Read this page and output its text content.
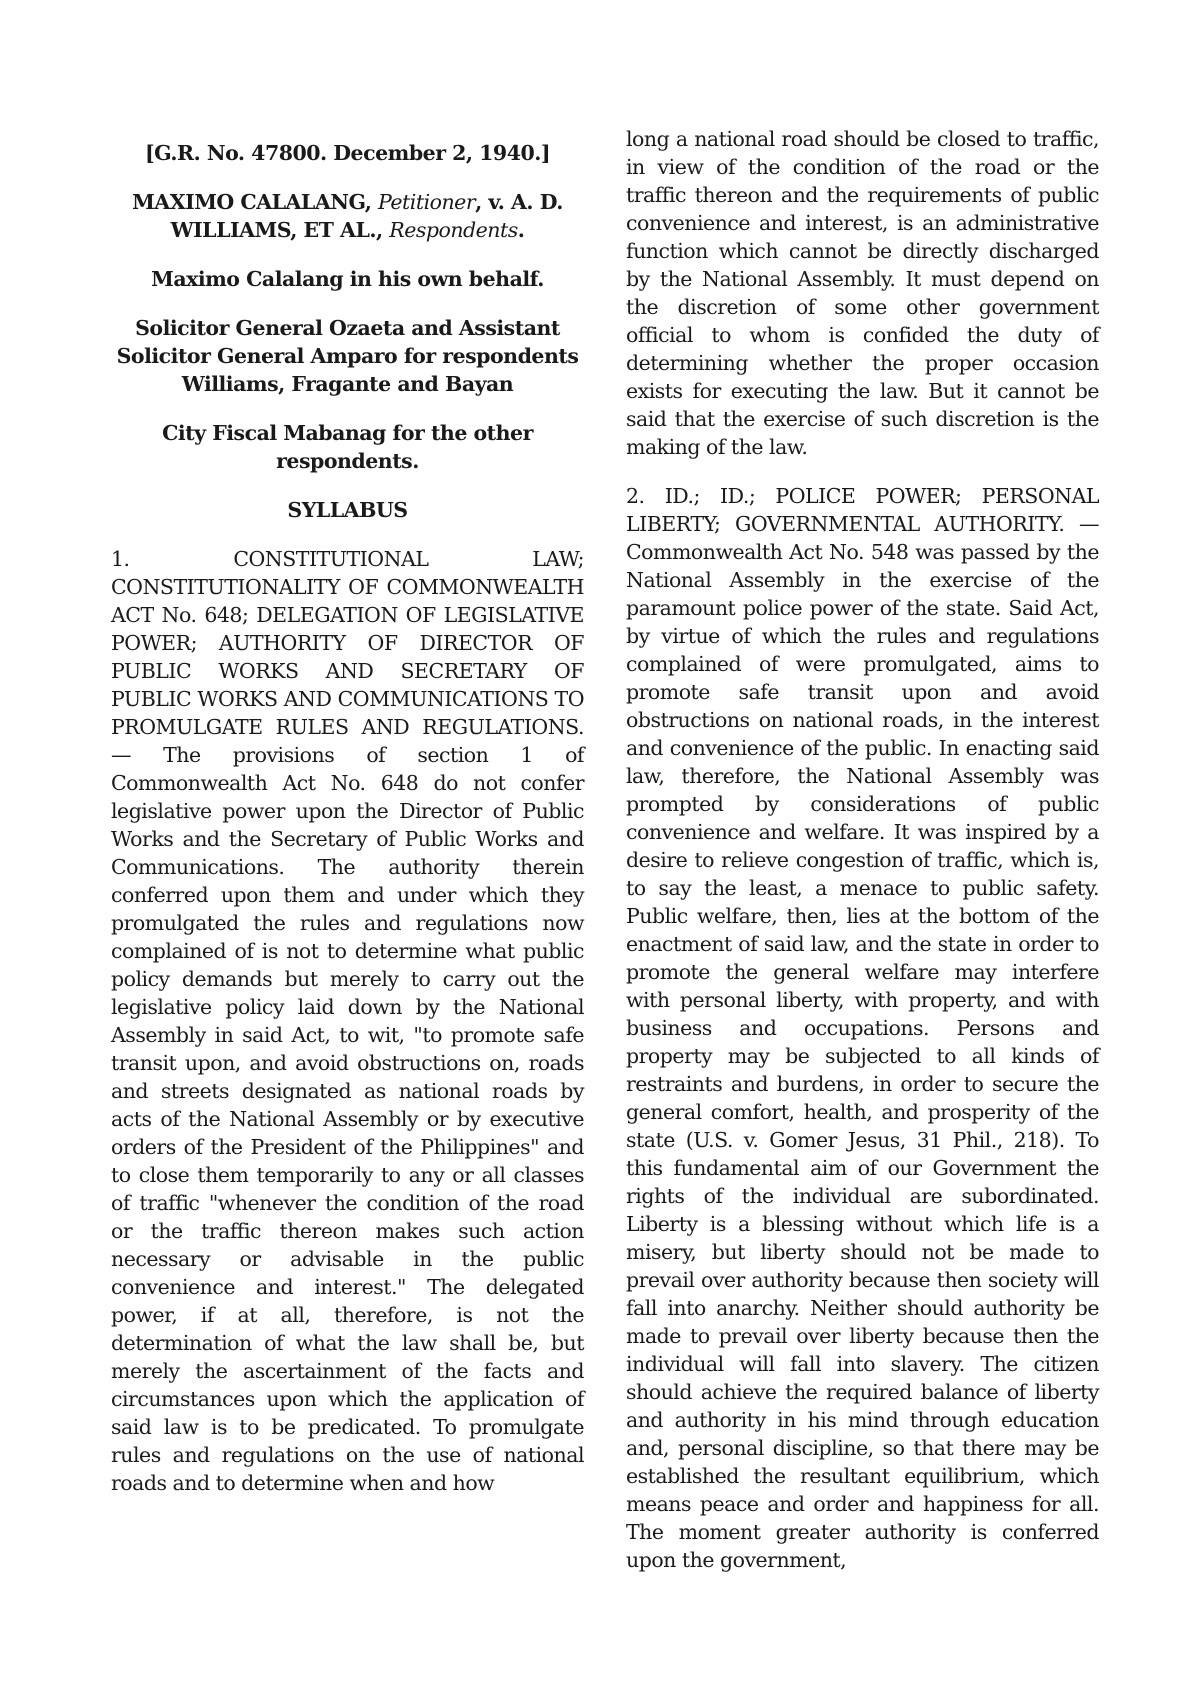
[G.R. No. 47800. December 2, 1940.]

MAXIMO CALALANG, Petitioner, v. A. D. WILLIAMS, ET AL., Respondents.

Maximo Calalang in his own behalf.

Solicitor General Ozaeta and Assistant Solicitor General Amparo for respondents Williams, Fragante and Bayan

City Fiscal Mabanag for the other respondents.

SYLLABUS

1. CONSTITUTIONAL LAW; CONSTITUTIONALITY OF COMMONWEALTH ACT No. 648; DELEGATION OF LEGISLATIVE POWER; AUTHORITY OF DIRECTOR OF PUBLIC WORKS AND SECRETARY OF PUBLIC WORKS AND COMMUNICATIONS TO PROMULGATE RULES AND REGULATIONS. — The provisions of section 1 of Commonwealth Act No. 648 do not confer legislative power upon the Director of Public Works and the Secretary of Public Works and Communications. The authority therein conferred upon them and under which they promulgated the rules and regulations now complained of is not to determine what public policy demands but merely to carry out the legislative policy laid down by the National Assembly in said Act, to wit, "to promote safe transit upon, and avoid obstructions on, roads and streets designated as national roads by acts of the National Assembly or by executive orders of the President of the Philippines" and to close them temporarily to any or all classes of traffic "whenever the condition of the road or the traffic thereon makes such action necessary or advisable in the public convenience and interest." The delegated power, if at all, therefore, is not the determination of what the law shall be, but merely the ascertainment of the facts and circumstances upon which the application of said law is to be predicated. To promulgate rules and regulations on the use of national roads and to determine when and how

long a national road should be closed to traffic, in view of the condition of the road or the traffic thereon and the requirements of public convenience and interest, is an administrative function which cannot be directly discharged by the National Assembly. It must depend on the discretion of some other government official to whom is confided the duty of determining whether the proper occasion exists for executing the law. But it cannot be said that the exercise of such discretion is the making of the law.

2. ID.; ID.; POLICE POWER; PERSONAL LIBERTY; GOVERNMENTAL AUTHORITY. — Commonwealth Act No. 548 was passed by the National Assembly in the exercise of the paramount police power of the state. Said Act, by virtue of which the rules and regulations complained of were promulgated, aims to promote safe transit upon and avoid obstructions on national roads, in the interest and convenience of the public. In enacting said law, therefore, the National Assembly was prompted by considerations of public convenience and welfare. It was inspired by a desire to relieve congestion of traffic, which is, to say the least, a menace to public safety. Public welfare, then, lies at the bottom of the enactment of said law, and the state in order to promote the general welfare may interfere with personal liberty, with property, and with business and occupations. Persons and property may be subjected to all kinds of restraints and burdens, in order to secure the general comfort, health, and prosperity of the state (U.S. v. Gomer Jesus, 31 Phil., 218). To this fundamental aim of our Government the rights of the individual are subordinated. Liberty is a blessing without which life is a misery, but liberty should not be made to prevail over authority because then society will fall into anarchy. Neither should authority be made to prevail over liberty because then the individual will fall into slavery. The citizen should achieve the required balance of liberty and authority in his mind through education and, personal discipline, so that there may be established the resultant equilibrium, which means peace and order and happiness for all. The moment greater authority is conferred upon the government,
